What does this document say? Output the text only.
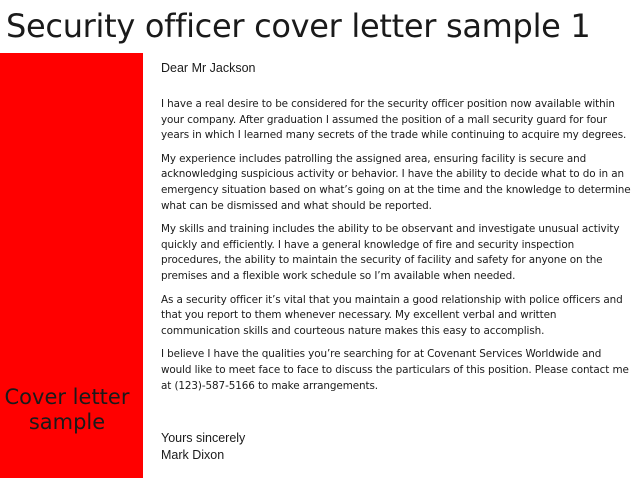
Security officer cover letter sample 1
Cover letter
sample

Dear Mr Jackson

I have a real desire to be considered for the security officer position now available within your company. After graduation I assumed the position of a mall security guard for four years in which I learned many secrets of the trade while continuing to acquire my degrees.

My experience includes patrolling the assigned area, ensuring facility is secure and acknowledging suspicious activity or behavior. I have the ability to decide what to do in an emergency situation based on what’s going on at the time and the knowledge to determine what can be dismissed and what should be reported.

My skills and training includes the ability to be observant and investigate unusual activity quickly and efficiently. I have a general knowledge of fire and security inspection procedures, the ability to maintain the security of facility and safety for anyone on the premises and a flexible work schedule so I’m available when needed.

As a security officer it’s vital that you maintain a good relationship with police officers and that you report to them whenever necessary. My excellent verbal and written communication skills and courteous nature makes this easy to accomplish.

I believe I have the qualities you’re searching for at Covenant Services Worldwide and would like to meet face to face to discuss the particulars of this position. Please contact me at (123)-587-5166 to make arrangements.

Yours sincerely

Mark Dixon
